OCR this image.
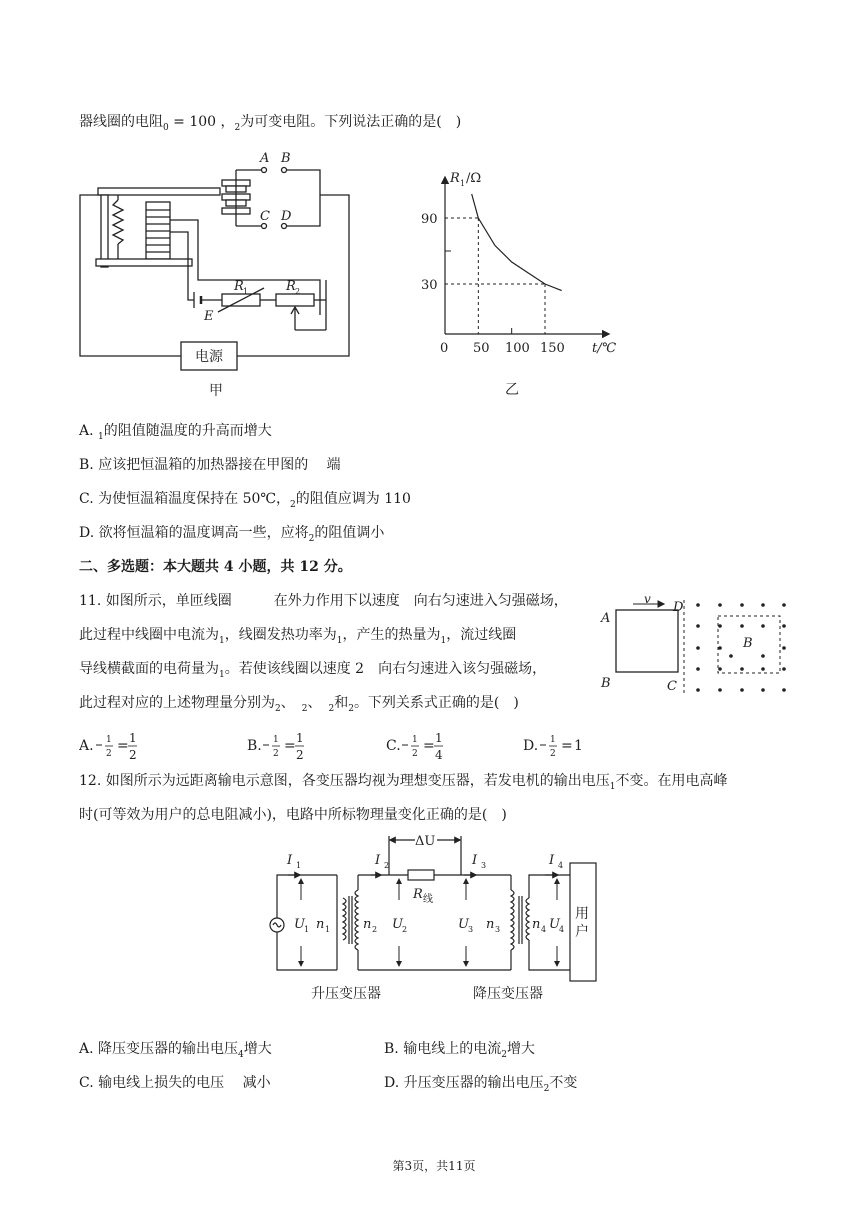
器线圈的电阻$_0$ = 100 ，$_2$为可变电阻。下列说法正确的是(　)
A B
C D
R 1	R 2
E
电源
甲
R 1 /Ω
90
30
0 50 100 150 t/℃
乙
A. $_1$的阻值随温度的升高而增大
B. 应该把恒温箱的加热器接在甲图的　 端
C. 为使恒温箱温度保持在 50℃，$_2$的阻值应调为 110
D. 欲将恒温箱的温度调高一些，应将$_2$的阻值调小
二、多选题：本大题共 4 小题，共 12 分。
11. 如图所示，单匝线圈　　　在外力作用下以速度　向右匀速进入匀强磁场，
此过程中线圈中电流为$_1$，线圈发热功率为$_1$，产生的热量为$_1$，流过线圈
导线横截面的电荷量为$_1$。若使该线圈以速度 2　向右匀速进入该匀强磁场，
此过程对应的上述物理量分别为$_2$、　$_2$、　$_2$和$_2$。下列关系式正确的是(　)
v
A
B	C
D
B
A. 1
2 = 1
2
B. 1
2 = 1
2
C. 1
2 = 1
4
D. 1
2 = 1
12. 如图所示为远距离输电示意图，各变压器均视为理想变压器，若发电机的输出电压$_1$不变。在用电高峰
时(可等效为用户的总电阻减小)，电路中所标物理量变化正确的是(　)
I	I	I	I
U	U	U	U
n	n	n	n
ΔU
R
1	2	3	4
1	2	3	4
1	2	3	4
线
用
户
升压变压器	降压变压器
A. 降压变压器的输出电压$_4$增大	B. 输电线上的电流$_2$增大
C. 输电线上损失的电压　 减小	D. 升压变压器的输出电压$_2$不变
第3页，共11页
